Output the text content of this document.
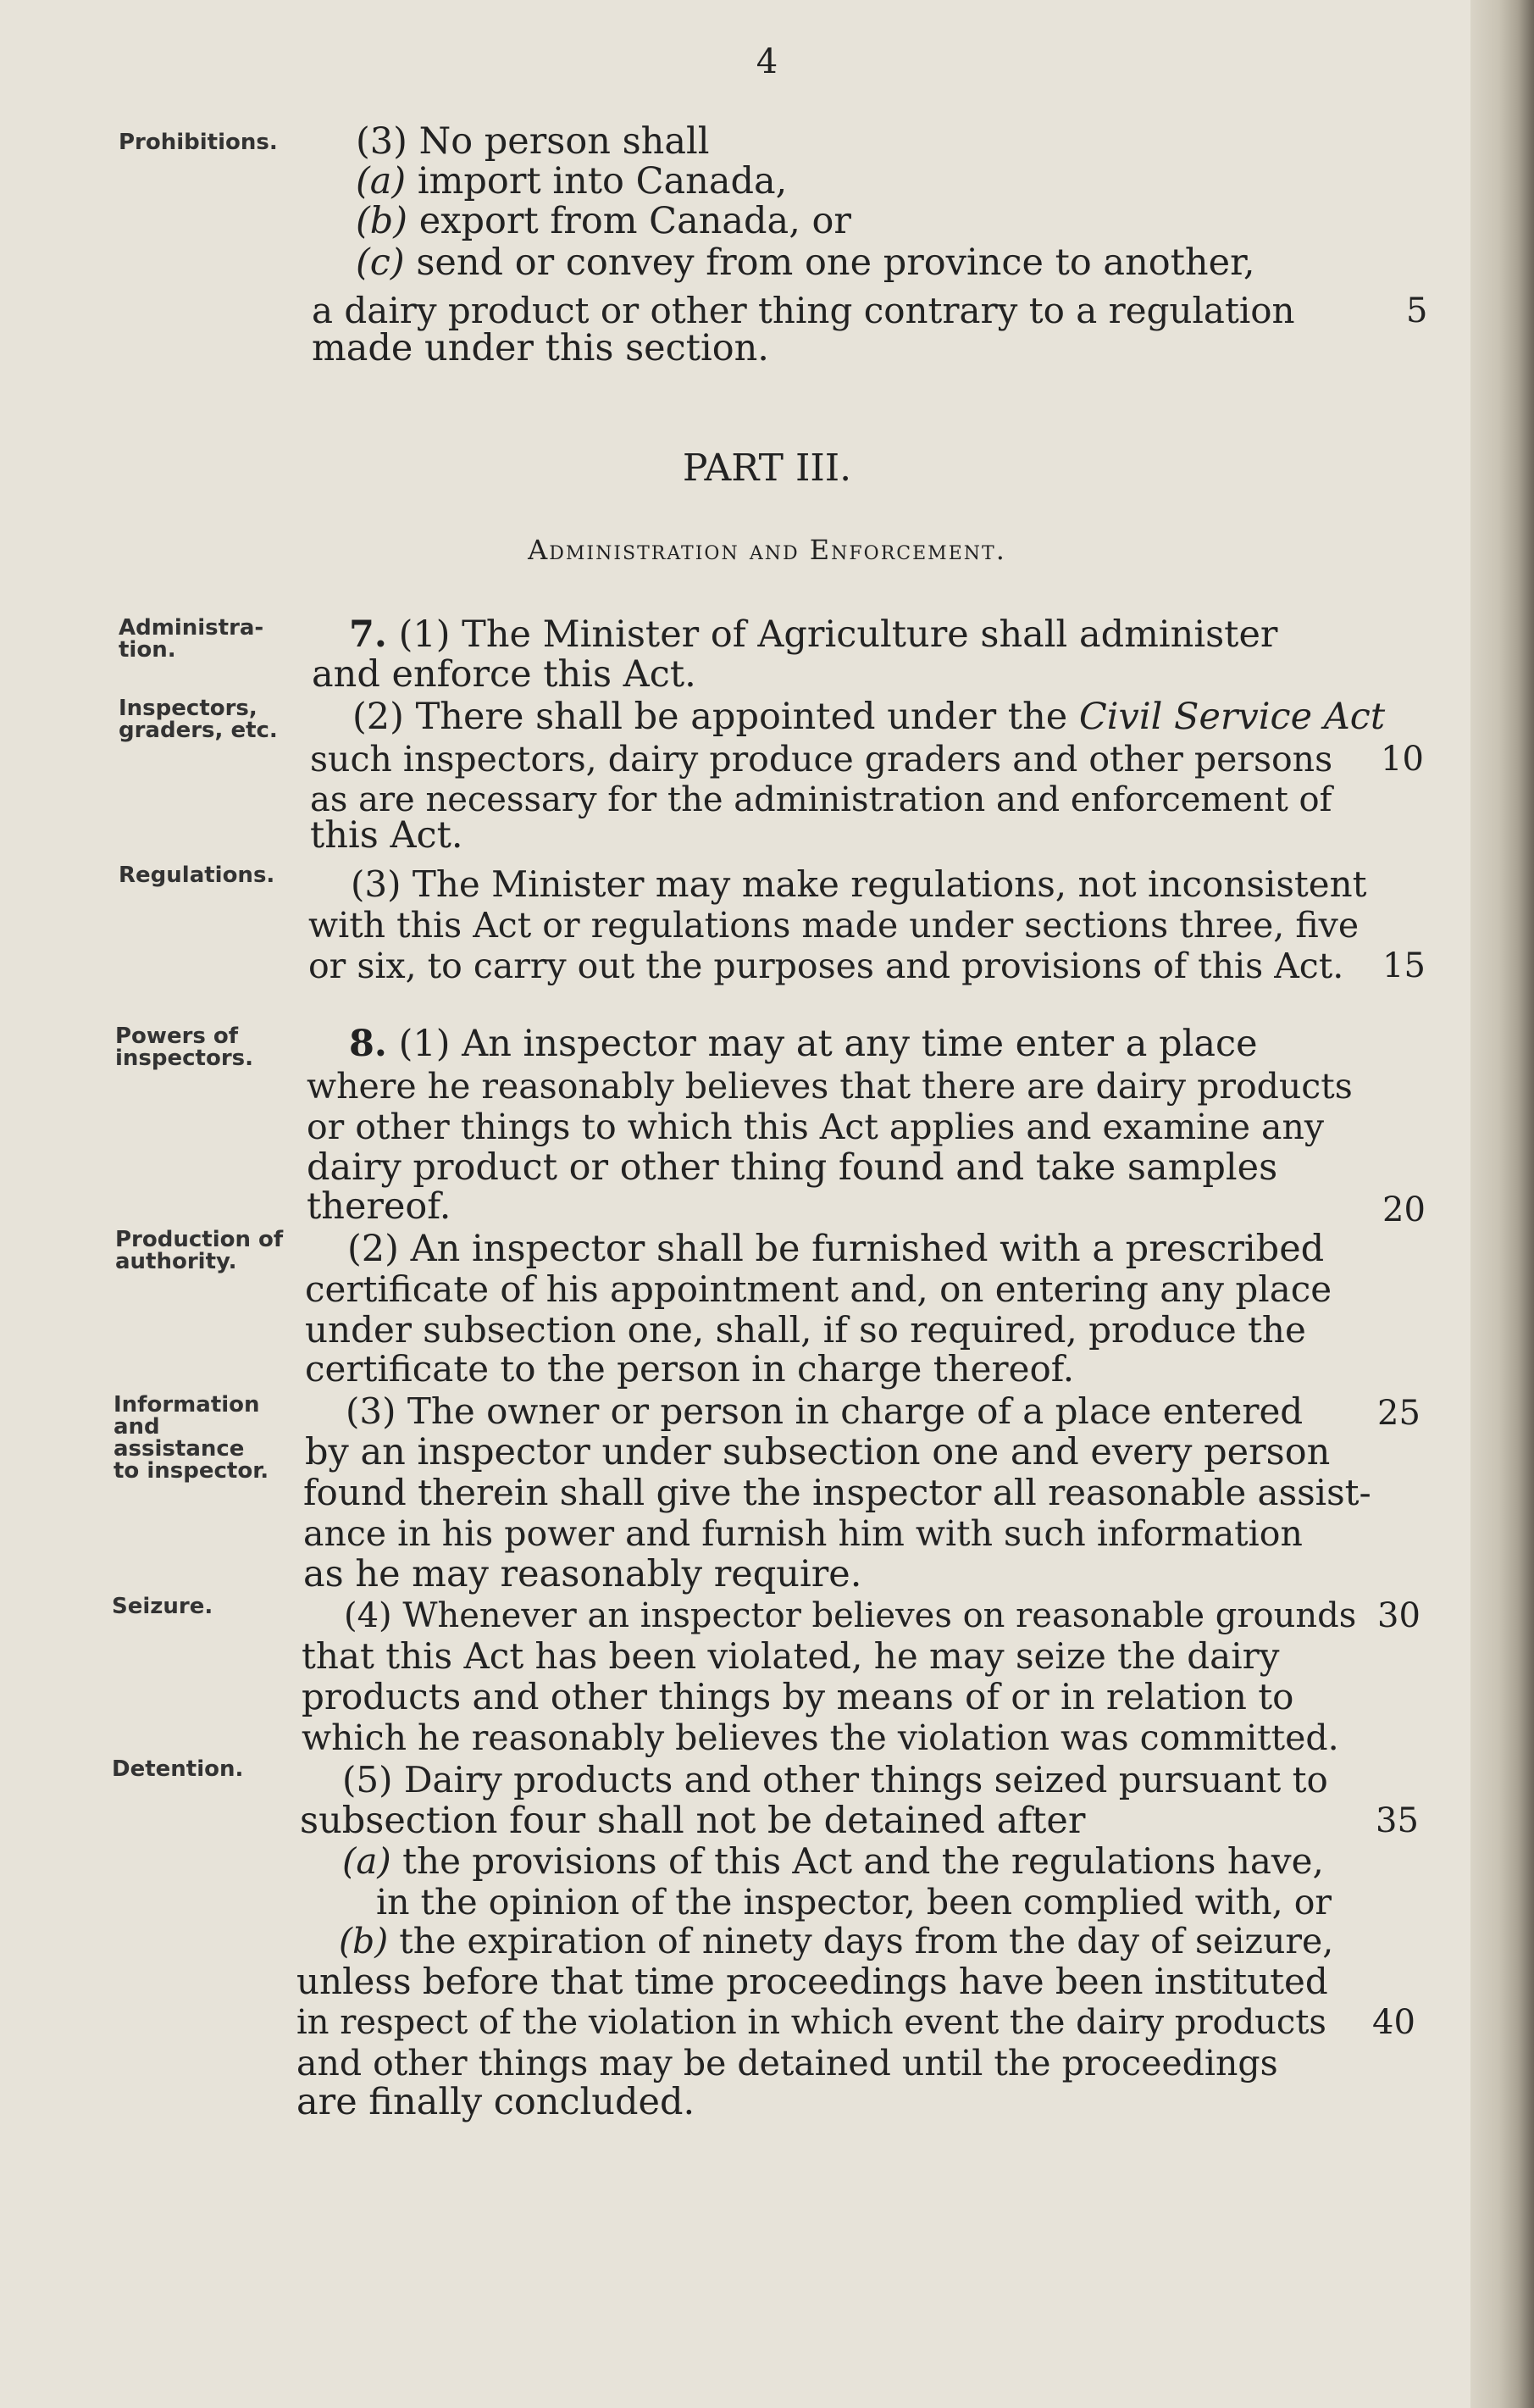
4
Prohibitions.
Administra-tion.
Inspectors, graders, etc.
Regulations.
Powers of inspectors.
Production of authority.
Information and assistance to inspector.
Seizure.
Detention.
(3) No person shall
(a) import into Canada,
(b) export from Canada, or
(c) send or convey from one province to another,
a dairy product or other thing contrary to a regulation	5
made under this section.
PART III.
Administration and Enforcement.
7. (1) The Minister of Agriculture shall administer
and enforce this Act.
(2) There shall be appointed under the Civil Service Act
such inspectors, dairy produce graders and other persons 10
as are necessary for the administration and enforcement of
this Act.
(3) The Minister may make regulations, not inconsistent
with this Act or regulations made under sections three, five
or six, to carry out the purposes and provisions of this Act. 15
8. (1) An inspector may at any time enter a place
where he reasonably believes that there are dairy products
or other things to which this Act applies and examine any
dairy product or other thing found and take samples
thereof.	20
(2) An inspector shall be furnished with a prescribed
certificate of his appointment and, on entering any place
under subsection one, shall, if so required, produce the
certificate to the person in charge thereof.
(3) The owner or person in charge of a place entered 25
by an inspector under subsection one and every person
found therein shall give the inspector all reasonable assist-
ance in his power and furnish him with such information
as he may reasonably require.
(4) Whenever an inspector believes on reasonable grounds 30
that this Act has been violated, he may seize the dairy
products and other things by means of or in relation to
which he reasonably believes the violation was committed.
(5) Dairy products and other things seized pursuant to
subsection four shall not be detained after	35
(a) the provisions of this Act and the regulations have,
in the opinion of the inspector, been complied with, or
(b) the expiration of ninety days from the day of seizure,
unless before that time proceedings have been instituted
in respect of the violation in which event the dairy products 40
and other things may be detained until the proceedings
are finally concluded.
